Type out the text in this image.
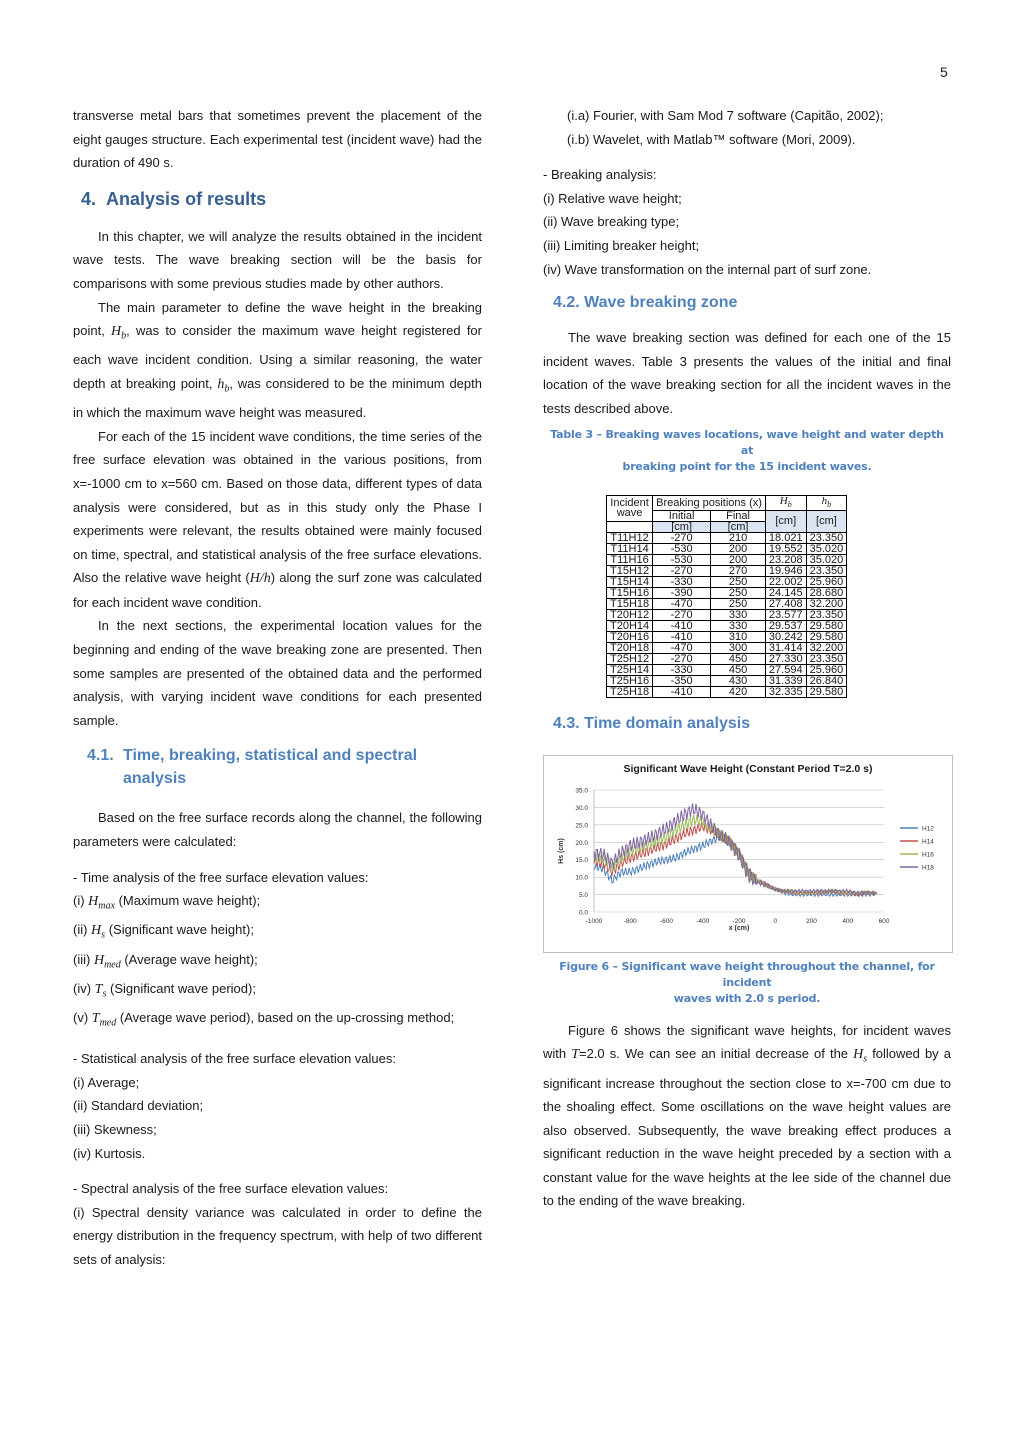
5

transverse metal bars that sometimes prevent the placement of the eight gauges structure. Each experimental test (incident wave) had the duration of 490 s.

4. Analysis of results

In this chapter, we will analyze the results obtained in the incident wave tests. The wave breaking section will be the basis for comparisons with some previous studies made by other authors.

The main parameter to define the wave height in the breaking point, $H_b$, was to consider the maximum wave height registered for each wave incident condition. Using a similar reasoning, the water depth at breaking point, $h_b$, was considered to be the minimum depth in which the maximum wave height was measured.

For each of the 15 incident wave conditions, the time series of the free surface elevation was obtained in the various positions, from x=-1000 cm to x=560 cm. Based on those data, different types of data analysis were considered, but as in this study only the Phase I experiments were relevant, the results obtained were mainly focused on time, spectral, and statistical analysis of the free surface elevations. Also the relative wave height (H/h) along the surf zone was calculated for each incident wave condition.

In the next sections, the experimental location values for the beginning and ending of the wave breaking zone are presented. Then some samples are presented of the obtained data and the performed analysis, with varying incident wave conditions for each presented sample.

4.1. Time, breaking, statistical and spectral
analysis

Based on the free surface records along the channel, the following parameters were calculated:

- Time analysis of the free surface elevation values:

(i) $H_{max}$ (Maximum wave height);

(ii) $H_s$ (Significant wave height);

(iii) $H_{med}$ (Average wave height);

(iv) $T_s$ (Significant wave period);

(v) $T_{med}$ (Average wave period), based on the up-crossing method;

- Statistical analysis of the free surface elevation values:

(i) Average;

(ii) Standard deviation;

(iii) Skewness;

(iv) Kurtosis.

- Spectral analysis of the free surface elevation values:

(i) Spectral density variance was calculated in order to define the energy distribution in the frequency spectrum, with help of two different sets of analysis:

(i.a) Fourier, with Sam Mod 7 software (Capitão, 2002);

(i.b) Wavelet, with Matlab™ software (Mori, 2009).

- Breaking analysis:

(i) Relative wave height;

(ii) Wave breaking type;

(iii) Limiting breaker height;

(iv) Wave transformation on the internal part of surf zone.

4.2. Wave breaking zone

The wave breaking section was defined for each one of the 15 incident waves. Table 3 presents the values of the initial and final location of the wave breaking section for all the incident waves in the tests described above.

Table 3 – Breaking waves locations, wave height and water depth at
breaking point for the 15 incident waves.
Incident
wave	Breaking positions (x)		$H_b$	$h_b$
	Initial	Final	[cm]	[cm]
	[cm]	[cm]		
T11H12	-270	210	18.021	23.350
T11H14	-530	200	19.552	35.020
T11H16	-530	200	23.208	35.020
T15H12	-270	270	19.946	23.350
T15H14	-330	250	22.002	25.960
T15H16	-390	250	24.145	28.680
T15H18	-470	250	27.408	32.200
T20H12	-270	330	23.577	23.350
T20H14	-410	330	29.537	29.580
T20H16	-410	310	30.242	29.580
T20H18	-470	300	31.414	32.200
T25H12	-270	450	27.330	23.350
T25H14	-330	450	27.594	25.960
T25H16	-350	430	31.339	26.840
T25H18	-410	420	32.335	29.580
4.3. Time domain analysis
Significant Wave Height (Constant Period T=2.0 s)
0.0
5.0
10.0
15.0
20.0
25.0
30.0
35.0
-1000	-800	-600	-400	-200	0	200	400	600
x (cm)
Hs (cm)
H12
H14
H16
H18
Figure 6 – Significant wave height throughout the channel, for incident
waves with 2.0 s period.

Figure 6 shows the significant wave heights, for incident waves with T=2.0 s. We can see an initial decrease of the $H_s$ followed by a significant increase throughout the section close to x=-700 cm due to the shoaling effect. Some oscillations on the wave height values are also observed. Subsequently, the wave breaking effect produces a significant reduction in the wave height preceded by a section with a constant value for the wave heights at the lee side of the channel due to the ending of the wave breaking.
